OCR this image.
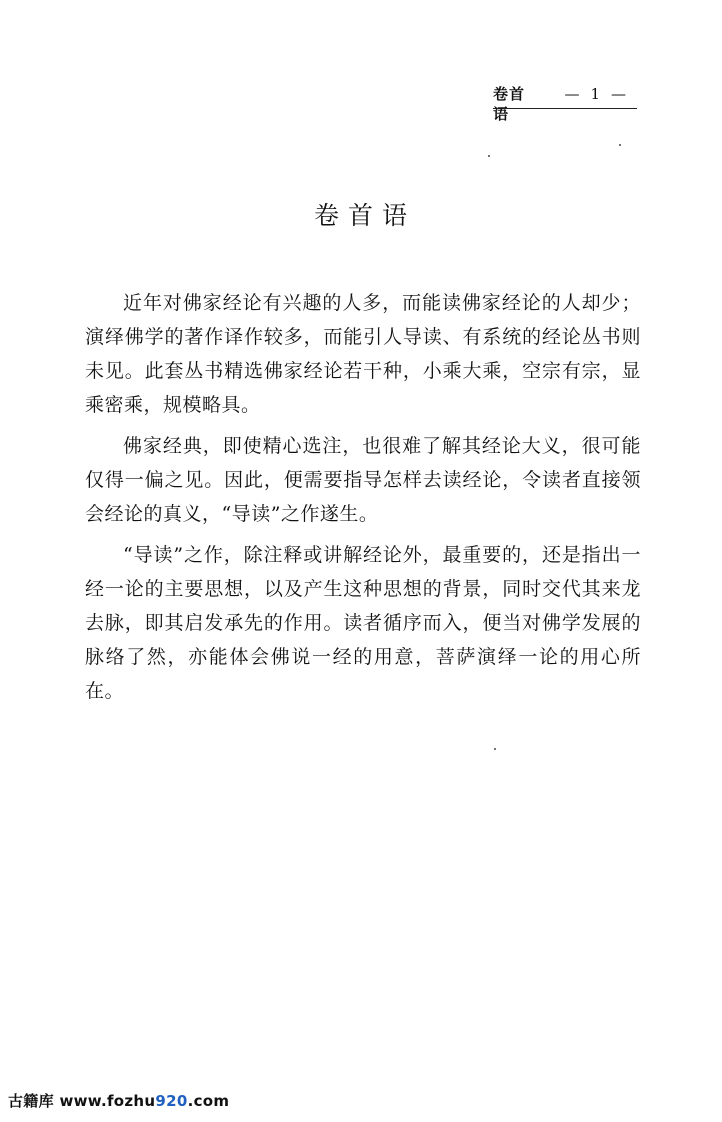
卷首语
— 1 —
卷首语

近年对佛家经论有兴趣的人多，而能读佛家经论的人却少；演绎佛学的著作译作较多，而能引人导读、有系统的经论丛书则未见。此套丛书精选佛家经论若干种，小乘大乘，空宗有宗，显乘密乘，规模略具。

佛家经典，即使精心选注，也很难了解其经论大义，很可能仅得一偏之见。因此，便需要指导怎样去读经论，令读者直接领会经论的真义，“导读”之作遂生。

“导读”之作，除注释或讲解经论外，最重要的，还是指出一经一论的主要思想，以及产生这种思想的背景，同时交代其来龙去脉，即其启发承先的作用。读者循序而入，便当对佛学发展的脉络了然，亦能体会佛说一经的用意，菩萨演绎一论的用心所在。

古籍库 www.fozhu920.com
